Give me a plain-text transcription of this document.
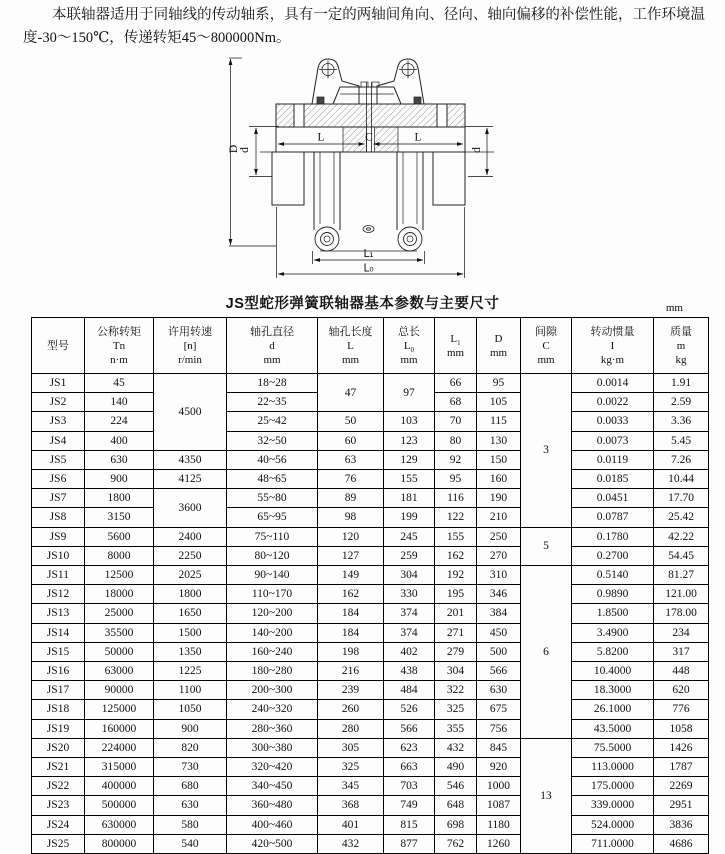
本联轴器适用于同轴线的传动轴系，具有一定的两轴间角向、径向、轴向偏移的补偿性能，工作环境温度-30～150℃，传递转矩45～800000Nm。

D d	d
L	C	L
L₁
L₀
JS型蛇形弹簧联轴器基本参数与主要尺寸	mm
型号

公称转矩
Tn
n·m

许用转速
[n]
r/min

轴孔直径
d
mm

轴孔长度
L
mm

总长
$L_0$
mm

$L_1$
mm

D
mm

间隙
C
mm

转动惯量
I
kg·m

质量
m
kg

JS1	45	4500	18~28	47	97	66	95	3	0.0014	1.91

JS2	140		22~35			68	105		0.0022	2.59

JS3	224		25~42	50	103	70	115		0.0033	3.36

JS4	400		32~50	60	123	80	130		0.0073	5.45

JS5	630	4350	40~56	63	129	92	150		0.0119	7.26

JS6	900	4125	48~65	76	155	95	160		0.0185	10.44

JS7	1800	3600	55~80	89	181	116	190		0.0451	17.70

JS8	3150		65~95	98	199	122	210		0.0787	25.42

JS9	5600	2400	75~110	120	245	155	250	5	0.1780	42.22

JS10	8000	2250	80~120	127	259	162	270		0.2700	54.45

JS11	12500	2025	90~140	149	304	192	310	6	0.5140	81.27

JS12	18000	1800	110~170	162	330	195	346		0.9890	121.00

JS13	25000	1650	120~200	184	374	201	384		1.8500	178.00

JS14	35500	1500	140~200	184	374	271	450		3.4900	234

JS15	50000	1350	160~240	198	402	279	500		5.8200	317

JS16	63000	1225	180~280	216	438	304	566		10.4000	448

JS17	90000	1100	200~300	239	484	322	630		18.3000	620

JS18	125000	1050	240~320	260	526	325	675		26.1000	776

JS19	160000	900	280~360	280	566	355	756		43.5000	1058

JS20	224000	820	300~380	305	623	432	845	13	75.5000	1426

JS21	315000	730	320~420	325	663	490	920		113.0000	1787

JS22	400000	680	340~450	345	703	546	1000		175.0000	2269

JS23	500000	630	360~480	368	749	648	1087		339.0000	2951

JS24	630000	580	400~460	401	815	698	1180		524.0000	3836

JS25	800000	540	420~500	432	877	762	1260		711.0000	4686
